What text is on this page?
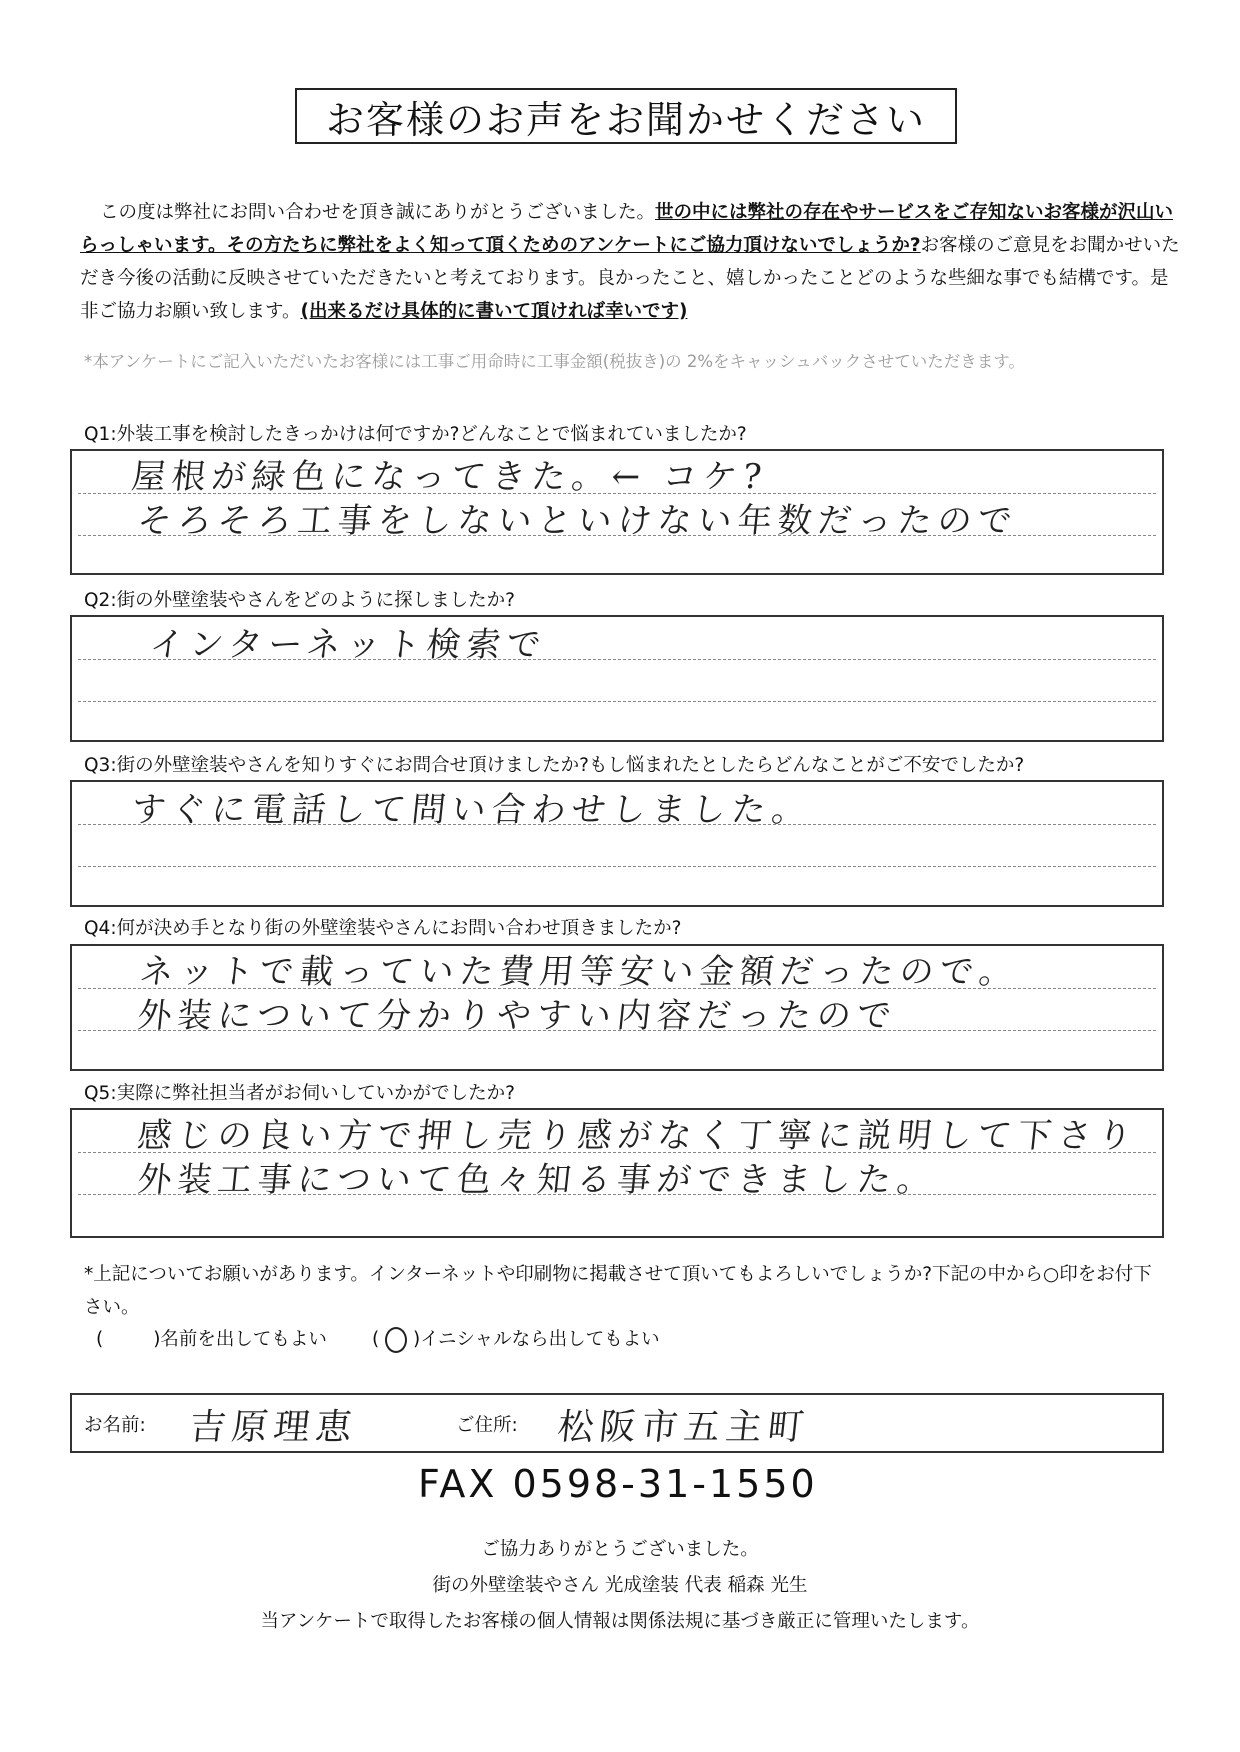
お客様のお声をお聞かせください

この度は弊社にお問い合わせを頂き誠にありがとうございました。世の中には弊社の存在やサービスをご存知ないお客様が沢山いらっしゃいます。その方たちに弊社をよく知って頂くためのアンケートにご協力頂けないでしょうか?お客様のご意見をお聞かせいただき今後の活動に反映させていただきたいと考えております。良かったこと、嬉しかったことどのような些細な事でも結構です。是非ご協力お願い致します。(出来るだけ具体的に書いて頂ければ幸いです)

*本アンケートにご記入いただいたお客様には工事ご用命時に工事金額(税抜き)の 2%をキャッシュバックさせていただきます。
Q1:外装工事を検討したきっかけは何ですか?どんなことで悩まれていましたか?
屋根が緑色になってきた。← コケ?
そろそろ工事をしないといけない年数だったので
Q2:街の外壁塗装やさんをどのように探しましたか?
インターネット検索で
Q3:街の外壁塗装やさんを知りすぐにお問合せ頂けましたか?もし悩まれたとしたらどんなことがご不安でしたか?
すぐに電話して問い合わせしました。
Q4:何が決め手となり街の外壁塗装やさんにお問い合わせ頂きましたか?
ネットで載っていた費用等安い金額だったので。
外装について分かりやすい内容だったので
Q5:実際に弊社担当者がお伺いしていかがでしたか?
感じの良い方で押し売り感がなく丁寧に説明して下さり
外装工事について色々知る事ができました。
*上記についてお願いがあります。インターネットや印刷物に掲載させて頂いてもよろしいでしょうか?下記の中から○印をお付下さい。
(	)名前を出してもよい ( )イニシャルなら出してもよい
お名前: 吉原理恵	ご住所: 松阪市五主町
FAX 0598-31-1550
ご協力ありがとうございました。
街の外壁塗装やさん 光成塗装 代表 稲森 光生
当アンケートで取得したお客様の個人情報は関係法規に基づき厳正に管理いたします。
